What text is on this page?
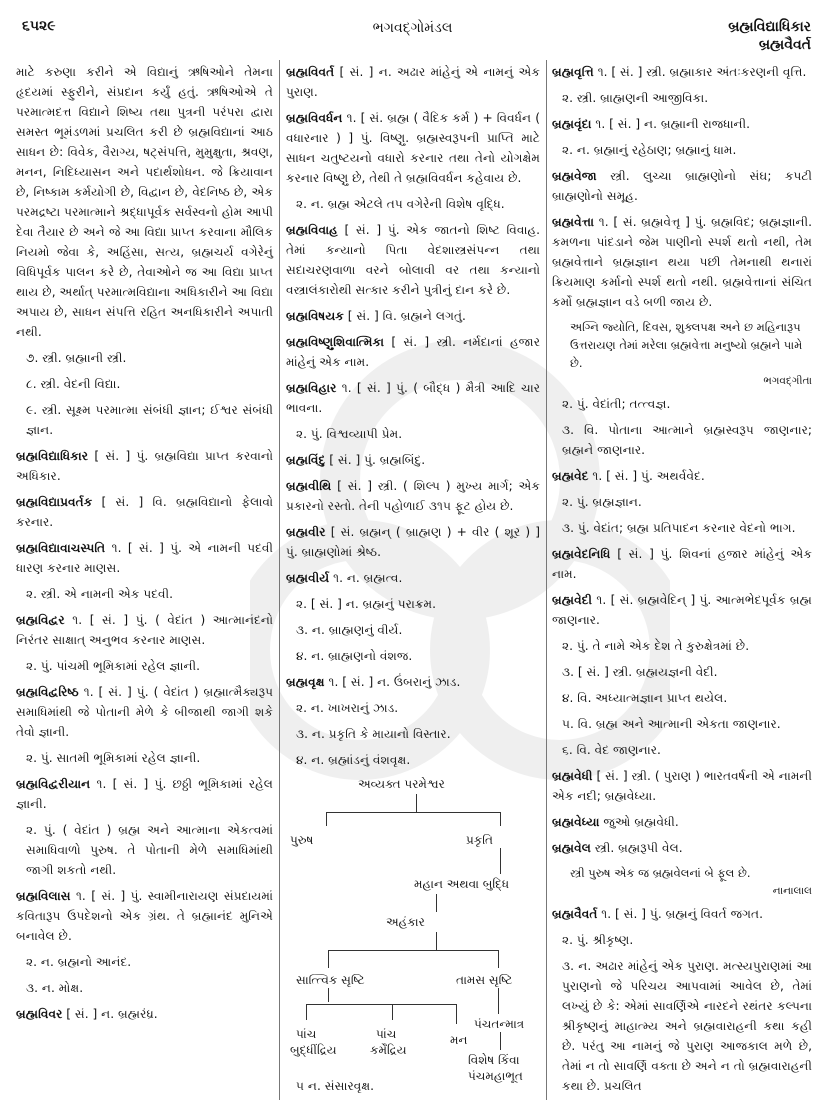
૬૫૨૯	ભગવદ્ગોમંડલ	બ્રહ્મવિદ્યાધિકાર
બ્રહ્મવૈવર્ત

માટે કરુણા કરીને એ વિદ્યાનું ઋષિઓને તેમના હૃદયમાં સ્ફુરીને, સંપ્રદાન કર્યું હતું. ઋષિઓએ તે પરમાત્મદત્ત વિદ્યાને શિષ્ય તથા પુત્રની પરંપરા દ્વારા સમસ્ત ભૂમંડળમાં પ્રચલિત કરી છે બ્રહ્મવિદ્યાનાં આઠ સાધન છે: વિવેક, વૈરાગ્ય, ષટ્સંપત્તિ, મુમુક્ષુતા, શ્રવણ, મનન, નિદિધ્યાસન અને પદાર્થશોધન. જે ક્રિયાવાન છે, નિષ્કામ કર્મયોગી છે, વિદ્વાન છે, વેદનિષ્ઠ છે, એક પરમદ્રષ્ટા પરમાત્માને શ્રદ્ધાપૂર્વક સર્વસ્વનો હોમ આપી દેવા તૈયાર છે અને જે આ વિદ્યા પ્રાપ્ત કરવાના મૌલિક નિયમો જેવા કે, અહિંસા, સત્ય, બ્રહ્મચર્ય વગેરેનું વિધિપૂર્વક પાલન કરે છે, તેવાઓને જ આ વિદ્યા પ્રાપ્ત થાય છે, અર્થાત્ પરમાત્મવિદ્યાના અધિકારીને આ વિદ્યા અપાય છે, સાધન સંપત્તિ રહિત અનધિકારીને અપાતી નથી.

૭. સ્ત્રી. બ્રહ્માની સ્ત્રી.

૮. સ્ત્રી. વેદની વિદ્યા.

૯. સ્ત્રી. સૂક્ષ્મ પરમાત્મા સંબંધી જ્ઞાન; ઈશ્વર સંબંધી જ્ઞાન.

બ્રહ્મવિદ્યાધિકાર [ સં. ] પું. બ્રહ્મવિદ્યા પ્રાપ્ત કરવાનો અધિકાર.

બ્રહ્મવિદ્યાપ્રવર્તક [ સં. ] વિ. બ્રહ્મવિદ્યાનો ફેલાવો કરનાર.

બ્રહ્મવિદ્યાવાચસ્પતિ ૧. [ સં. ] પું. એ નામની પદવી ધારણ કરનાર માણસ.

૨. સ્ત્રી. એ નામની એક પદવી.

બ્રહ્મવિદ્વર ૧. [ સં. ] પું. ( વેદાંત ) આત્માનંદનો નિરંતર સાક્ષાત્ અનુભવ કરનાર માણસ.

૨. પું. પાંચમી ભૂમિકામાં રહેલ જ્ઞાની.

બ્રહ્મવિદ્વરિષ્ઠ ૧. [ સં. ] પું. ( વેદાંત ) બ્રહ્માત્મૈક્યરૂપ સમાધિમાંથી જે પોતાની મેળે કે બીજાથી જાગી શકે તેવો જ્ઞાની.

૨. પું. સાતમી ભૂમિકામાં રહેલ જ્ઞાની.

બ્રહ્મવિદ્વરીયાન ૧. [ સં. ] પું. છઠ્ઠી ભૂમિકામાં રહેલ જ્ઞાની.

૨. પું. ( વેદાંત ) બ્રહ્મ અને આત્માના એકત્વમાં સમાધિવાળો પુરુષ. તે પોતાની મેળે સમાધિમાંથી જાગી શકતો નથી.

બ્રહ્મવિલાસ ૧. [ સં. ] પું. સ્વામીનારાયણ સંપ્રદાયમાં કવિતારૂપ ઉપદેશનો એક ગ્રંથ. તે બ્રહ્માનંદ મુનિએ બનાવેલ છે.

૨. ન. બ્રહ્મનો આનંદ.

૩. ન. મોક્ષ.

બ્રહ્મવિવર [ સં. ] ન. બ્રહ્મરંધ્ર.

બ્રહ્મવિવર્ત [ સં. ] ન. અઢાર માંહેનું એ નામનું એક પુરાણ.

બ્રહ્મવિવર્ધન ૧. [ સં. બ્રહ્મ ( વૈદિક કર્મ ) + વિવર્ધન ( વધારનાર ) ] પું. વિષ્ણુ. બ્રહ્મસ્વરૂપની પ્રાપ્તિ માટે સાધન ચતુષ્ટયનો વધારો કરનાર તથા તેનો યોગક્ષેમ કરનાર વિષ્ણુ છે, તેથી તે બ્રહ્મવિવર્ધન કહેવાય છે.

૨. ન. બ્રહ્મ એટલે તપ વગેરેની વિશેષ વૃદ્ધિ.

બ્રહ્મવિવાહ [ સં. ] પું. એક જાતનો શિષ્ટ વિવાહ. તેમાં કન્યાનો પિતા વેદશાસ્ત્રસંપન્ન તથા સદાચરણવાળા વરને બોલાવી વર તથા કન્યાનો વસ્ત્રાલંકારોથી સત્કાર કરીને પુત્રીનું દાન કરે છે.

બ્રહ્મવિષયક [ સં. ] વિ. બ્રહ્મને લગતું.

બ્રહ્મવિષ્ણુશિવાત્મિકા [ સં. ] સ્ત્રી. નર્મદાનાં હજાર માંહેનું એક નામ.

બ્રહ્મવિહાર ૧. [ સં. ] પું. ( બૌદ્ધ ) મૈત્રી આદિ ચાર ભાવના.

૨. પું. વિશ્વવ્યાપી પ્રેમ.

બ્રહ્મવિંદુ [ સં. ] પું. બ્રહ્મબિંદુ.

બ્રહ્મવીથિ [ સં. ] સ્ત્રી. ( શિલ્પ ) મુખ્ય માર્ગ; એક પ્રકારનો રસ્તો. તેની પહોળાઈ ૩૧૫ ફૂટ હોય છે.

બ્રહ્મવીર [ સં. બ્રહ્મન્ ( બ્રાહ્મણ ) + વીર ( શૂર ) ] પું. બ્રાહ્મણોમાં શ્રેષ્ઠ.

બ્રહ્મવીર્ય ૧. ન. બ્રહ્મત્વ.

૨. [ સં. ] ન. બ્રહ્મનું પરાક્રમ.

૩. ન. બ્રાહ્મણનું વીર્ય.

૪. ન. બ્રાહ્મણનો વંશજ.

બ્રહ્મવૃક્ષ ૧. [ સં. ] ન. ઉંબરાનું ઝાડ.

૨. ન. ખાખરાનું ઝાડ.

૩. ન. પ્રકૃતિ કે માયાનો વિસ્તાર.

૪. ન. બ્રહ્માંડનું વંશવૃક્ષ.

અવ્યક્ત પરમેશ્વર
પુરુષ	પ્રકૃતિ
મહાન અથવા બુદ્ધિ
અહંકાર
સાત્ત્વિક સૃષ્ટિ	તામસ સૃષ્ટિ
પાંચ
બુદ્ધીંદ્રિય
પાંચ
કર્મેંદ્રિય
મન
પંચતન્માત્ર
વિશેષ કિંવા
પંચમહાભૂત

૫ ન. સંસારવૃક્ષ.

બ્રહ્મવૃત્તિ ૧. [ સં. ] સ્ત્રી. બ્રહ્માકાર અંતઃકરણની વૃત્તિ.

૨. સ્ત્રી. બ્રાહ્મણની આજીવિકા.

બ્રહ્મવૃંદા ૧. [ સં. ] ન. બ્રહ્માની રાજધાની.

૨. ન. બ્રહ્માનું રહેઠાણ; બ્રહ્માનું ધામ.

બ્રહ્મવેજા સ્ત્રી. લુચ્ચા બ્રાહ્મણોનો સંઘ; કપટી બ્રાહ્મણોનો સમૂહ.

બ્રહ્મવેત્તા ૧. [ સં. બ્રહ્મવેત્તૃ ] પું. બ્રહ્મવિદ; બ્રહ્મજ્ઞાની. કમળના પાંદડાને જેમ પાણીનો સ્પર્શ થતો નથી, તેમ બ્રહ્મવેત્તાને બ્રહ્મજ્ઞાન થયા પછી તેમનાથી થનારાં ક્રિયમાણ કર્માનો સ્પર્શ થતો નથી. બ્રહ્મવેત્તાનાં સંચિત કર્મો બ્રહ્મજ્ઞાન વડે બળી જાય છે.

અગ્નિ જ્યોતિ, દિવસ, શુક્લપક્ષ અને છ મહિનારૂપ ઉત્તરાયણ તેમાં મરેલા બ્રહ્મવેત્તા મનુષ્યો બ્રહ્મને પામે છે.
ભગવદ્ગીતા

૨. પું. વેદાંતી; તત્ત્વજ્ઞ.

૩. વિ. પોતાના આત્માને બ્રહ્મસ્વરૂપ જાણનાર; બ્રહ્મને જાણનાર.

બ્રહ્મવેદ ૧. [ સં. ] પું. અથર્વવેદ.

૨. પું. બ્રહ્મજ્ઞાન.

૩. પું. વેદાંત; બ્રહ્મ પ્રતિપાદન કરનાર વેદનો ભાગ.

બ્રહ્મવેદનિધિ [ સં. ] પું. શિવનાં હજાર માંહેનું એક નામ.

બ્રહ્મવેદી ૧. [ સં. બ્રહ્મવેદિન્ ] પું. આત્મભેદપૂર્વક બ્રહ્મ જાણનાર.

૨. પું. તે નામે એક દેશ તે કુરુક્ષેત્રમાં છે.

૩. [ સં. ] સ્ત્રી. બ્રહ્મયજ્ઞની વેદી.

૪. વિ. અધ્યાત્મજ્ઞાન પ્રાપ્ત થયેલ.

૫. વિ. બ્રહ્મ અને આત્માની એકતા જાણનાર.

૬. વિ. વેદ જાણનાર.

બ્રહ્મવેધી [ સં. ] સ્ત્રી. ( પુરાણ ) ભારતવર્ષની એ નામની એક નદી; બ્રહ્મવેધ્યા.

બ્રહ્મવેધ્યા જુઓ બ્રહ્મવેધી.

બ્રહ્મવેલ સ્ત્રી. બ્રહ્મરૂપી વેલ.

સ્ત્રી પુરુષ એક જ બ્રહ્મવેલનાં બે ફૂલ છે.
નાનાલાલ

બ્રહ્મવૈવર્ત ૧. [ સં. ] પું. બ્રહ્મનું વિવર્ત જગત.

૨. પું. શ્રીકૃષ્ણ.

૩. ન. અઢાર માંહેનું એક પુરાણ. મત્સ્યપુરાણમાં આ પુરાણનો જે પરિચય આપવામાં આવેલ છે, તેમાં લખ્યું છે કે: એમાં સાવર્ણિએ નારદને રથંતર કલ્પના શ્રીકૃષ્ણનું માહાત્મ્ય અને બ્રહ્મવારાહની કથા કહી છે. પરંતુ આ નામનું જે પુરાણ આજકાલ મળે છે, તેમાં ન તો સાવર્ણિ વક્તા છે અને ન તો બ્રહ્મવારાહની કથા છે. પ્રચલિત
